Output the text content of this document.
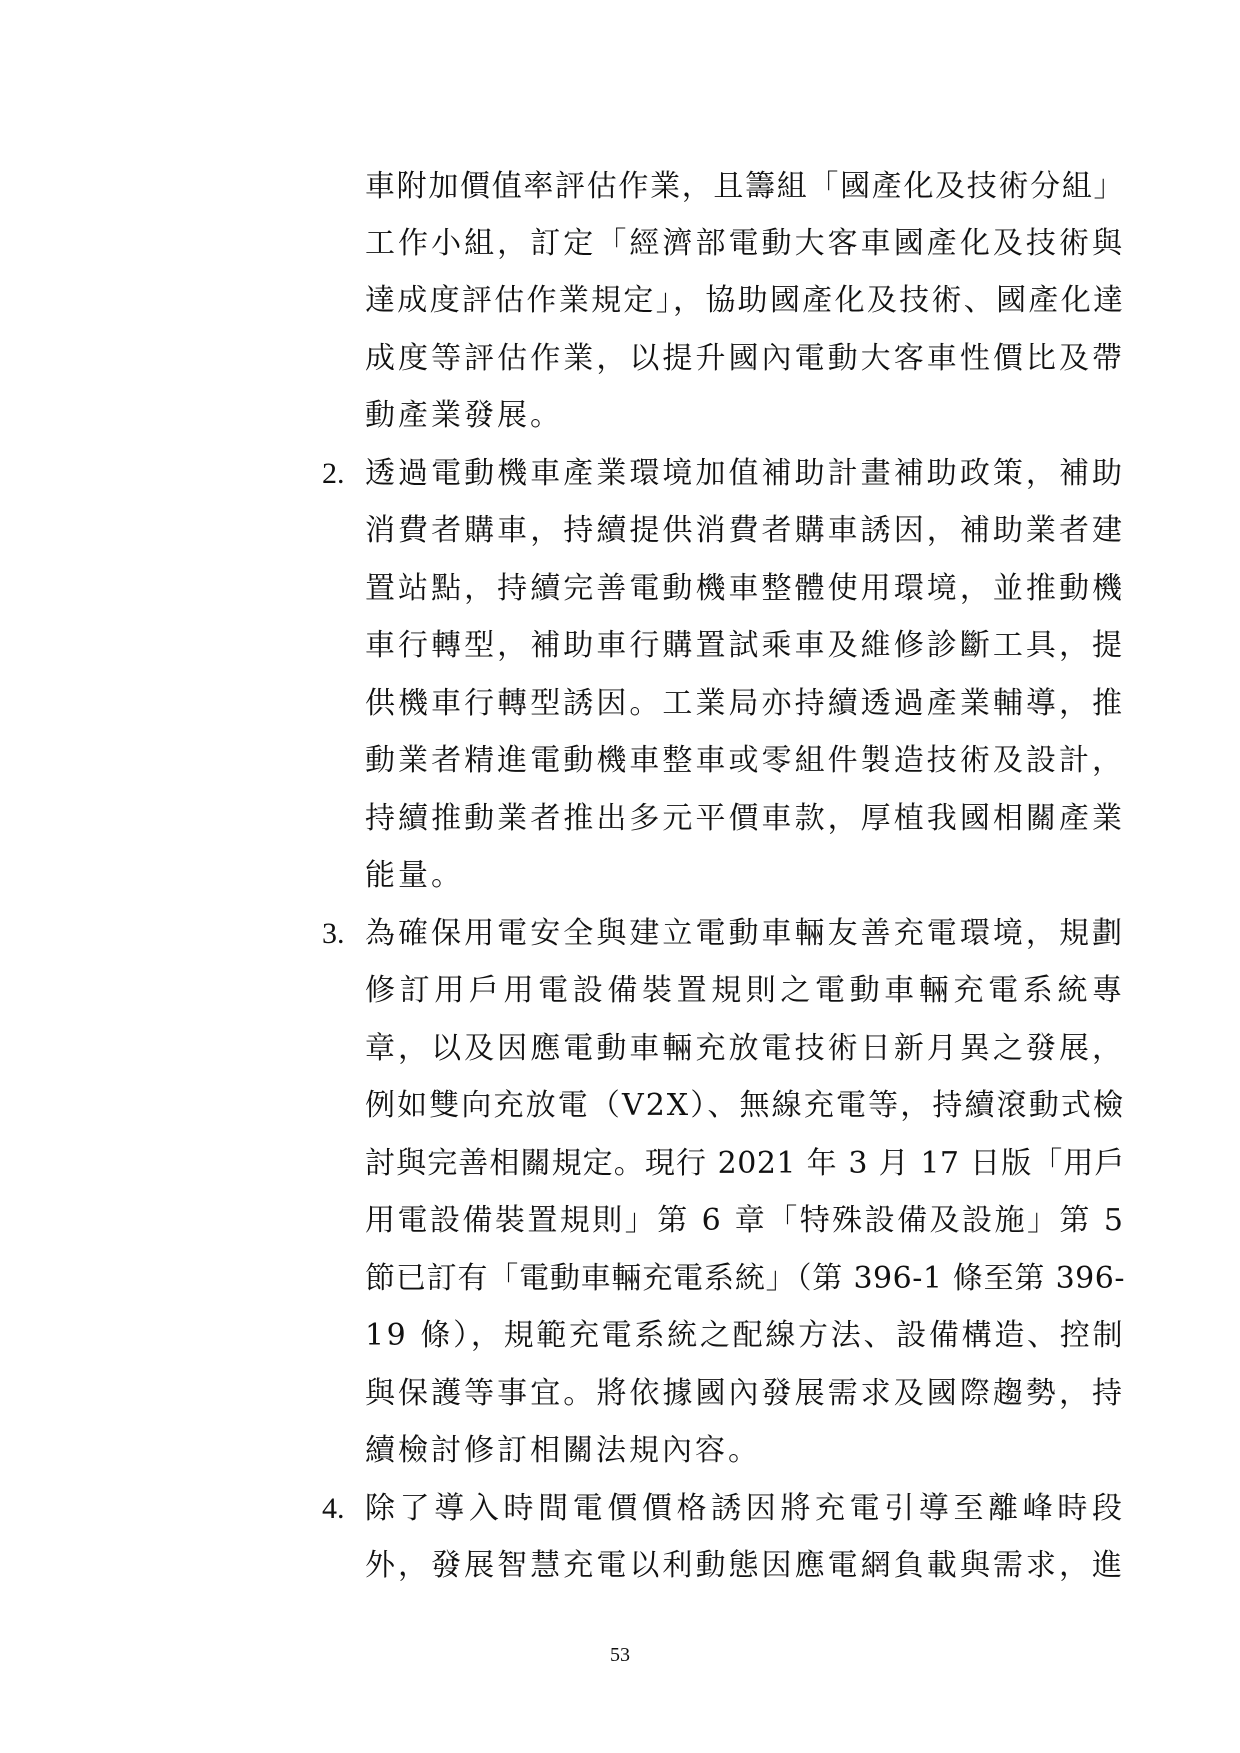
車附加價值率評估作業，且籌組「國產化及技術分組」
工作小組，訂定「經濟部電動大客車國產化及技術與
達成度評估作業規定」，協助國產化及技術、國產化達
成度等評估作業，以提升國內電動大客車性價比及帶
動產業發展。
2. 透過電動機車產業環境加值補助計畫補助政策，補助
消費者購車，持續提供消費者購車誘因，補助業者建
置站點，持續完善電動機車整體使用環境，並推動機
車行轉型，補助車行購置試乘車及維修診斷工具，提
供機車行轉型誘因。工業局亦持續透過產業輔導，推
動業者精進電動機車整車或零組件製造技術及設計，
持續推動業者推出多元平價車款，厚植我國相關產業
能量。
3. 為確保用電安全與建立電動車輛友善充電環境，規劃
修訂用戶用電設備裝置規則之電動車輛充電系統專
章，以及因應電動車輛充放電技術日新月異之發展，
例如雙向充放電（V2X）、無線充電等，持續滾動式檢
討與完善相關規定。現行 2021 年 3 月 17 日版「用戶
用電設備裝置規則」第 6 章「特殊設備及設施」第 5
節已訂有「電動車輛充電系統」（第 396-1 條至第 396-
19 條），規範充電系統之配線方法、設備構造、控制
與保護等事宜。將依據國內發展需求及國際趨勢，持
續檢討修訂相關法規內容。
4. 除了導入時間電價價格誘因將充電引導至離峰時段
外，發展智慧充電以利動態因應電網負載與需求，進
53
